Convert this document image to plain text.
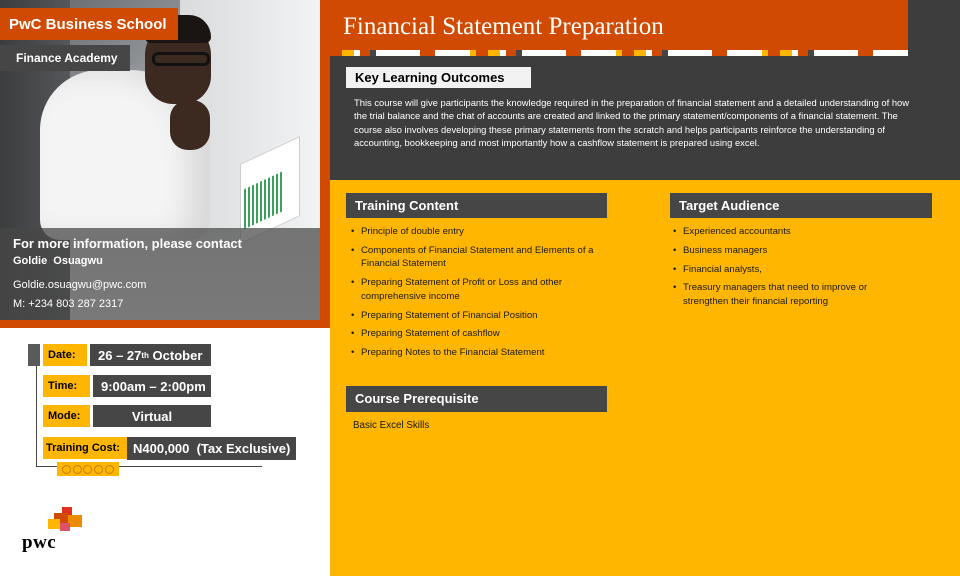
PwC Business School
Finance Academy
For more information, please contact
Goldie Osuagwu
Goldie.osuagwu@pwc.com
M: +234 803 287 2317
Date:	26 – 27 th October
Time:	9:00am – 2:00pm
Mode:	Virtual
Training Cost:	N400,000  (Tax Exclusive)
pwc
Financial Statement Preparation
Key Learning Outcomes
This course will give participants the knowledge required in the preparation of financial statement and a detailed understanding of how the trial balance and the chat of accounts are created and linked to the primary statement/components of a financial statement. The course also involves developing these primary statements from the scratch and helps participants reinforce the understanding of accounting, bookkeeping and most importantly how a cashflow statement is prepared using excel.
Training Content
• Principle of double entry
• Components of Financial Statement and Elements of a Financial Statement
• Preparing Statement of Profit or Loss and other comprehensive income
• Preparing Statement of Financial Position
• Preparing Statement of cashflow
• Preparing Notes to the Financial Statement
Target Audience
• Experienced accountants
• Business managers
• Financial analysts,
• Treasury managers that need to improve or strengthen their financial reporting
Course Prerequisite
Basic Excel Skills
